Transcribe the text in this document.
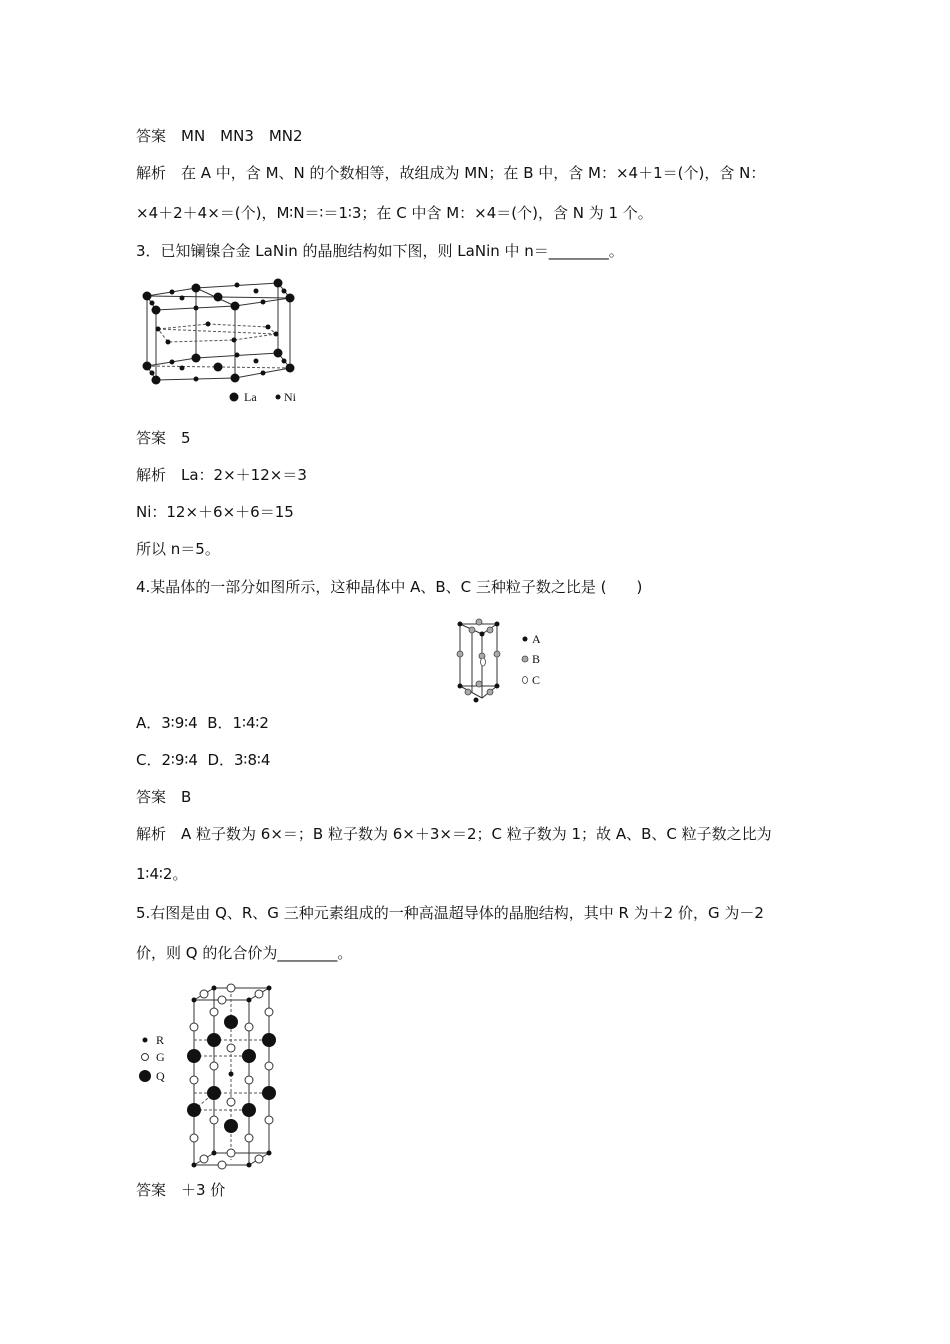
答案　MN　MN3　MN2
解析　在 A 中，含 M、N 的个数相等，故组成为 MN；在 B 中，含 M：×4＋1＝(个)，含 N：
×4＋2＋4×＝(个)，M∶N＝∶＝1∶3；在 C 中含 M：×4＝(个)，含 N 为 1 个。
3．已知镧镍合金 LaNin 的晶胞结构如下图，则 LaNin 中 n＝________。
La Ni
答案　5
解析　La：2×＋12×＝3
Ni：12×＋6×＋6＝15
所以 n＝5。
4.某晶体的一部分如图所示，这种晶体中 A、B、C 三种粒子数之比是 (　　)
A
B
C
A．3∶9∶4  B．1∶4∶2
C．2∶9∶4  D．3∶8∶4
答案　B
解析　A 粒子数为 6×＝；B 粒子数为 6×＋3×＝2；C 粒子数为 1；故 A、B、C 粒子数之比为
1∶4∶2。
5.右图是由 Q、R、G 三种元素组成的一种高温超导体的晶胞结构，其中 R 为＋2 价，G 为－2
价，则 Q 的化合价为________。
R
G
Q
答案　＋3 价
